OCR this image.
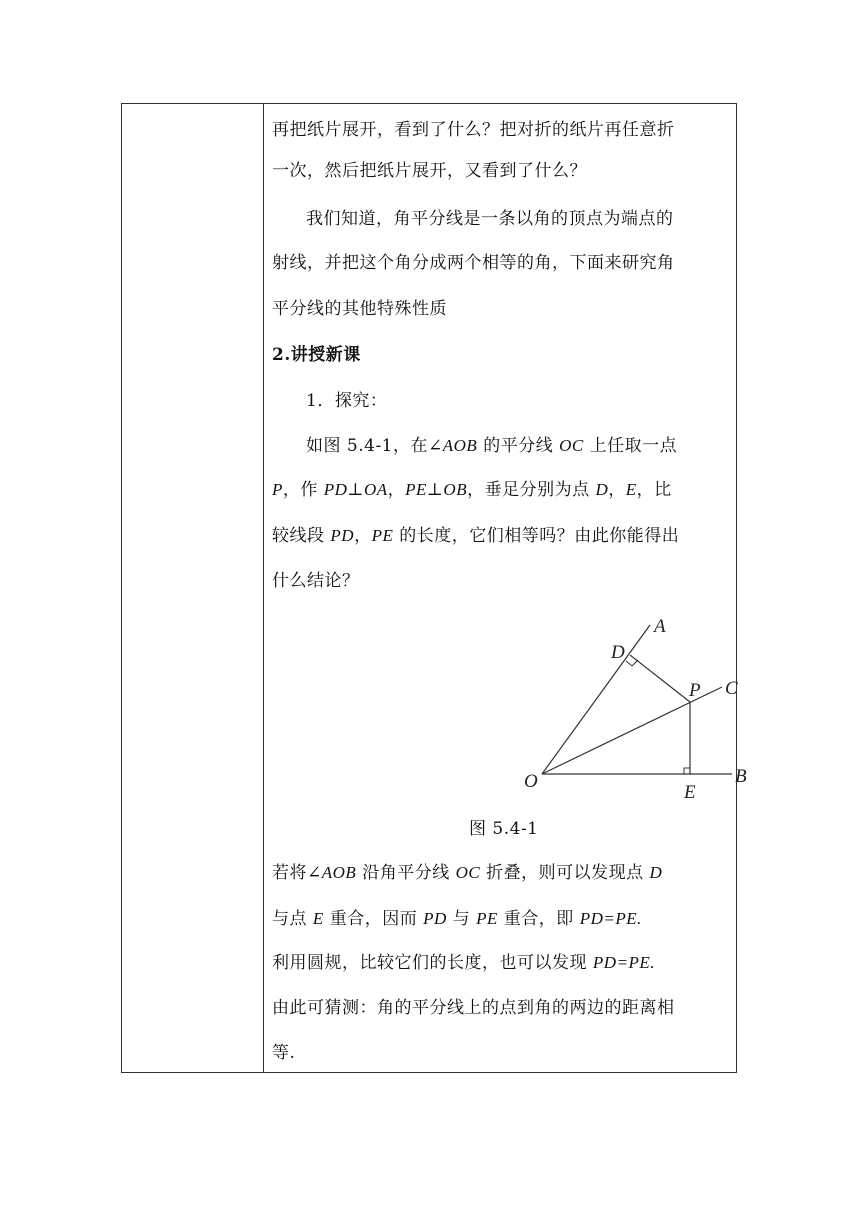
再把纸片展开，看到了什么？把对折的纸片再任意折
一次，然后把纸片展开，又看到了什么？
我们知道，角平分线是一条以角的顶点为端点的
射线，并把这个角分成两个相等的角，下面来研究角
平分线的其他特殊性质
2.讲授新课
1．探究：
如图 5.4-1，在∠AOB 的平分线 OC 上任取一点
P，作 PD⊥OA，PE⊥OB，垂足分别为点 D，E，比
较线段 PD，PE 的长度，它们相等吗？由此你能得出
什么结论？
A
D
P C
O
E
B
图 5.4-1
若将∠AOB 沿角平分线 OC 折叠，则可以发现点 D
与点 E 重合，因而 PD 与 PE 重合，即 PD=PE.
利用圆规，比较它们的长度，也可以发现 PD=PE.
由此可猜测：角的平分线上的点到角的两边的距离相
等.
